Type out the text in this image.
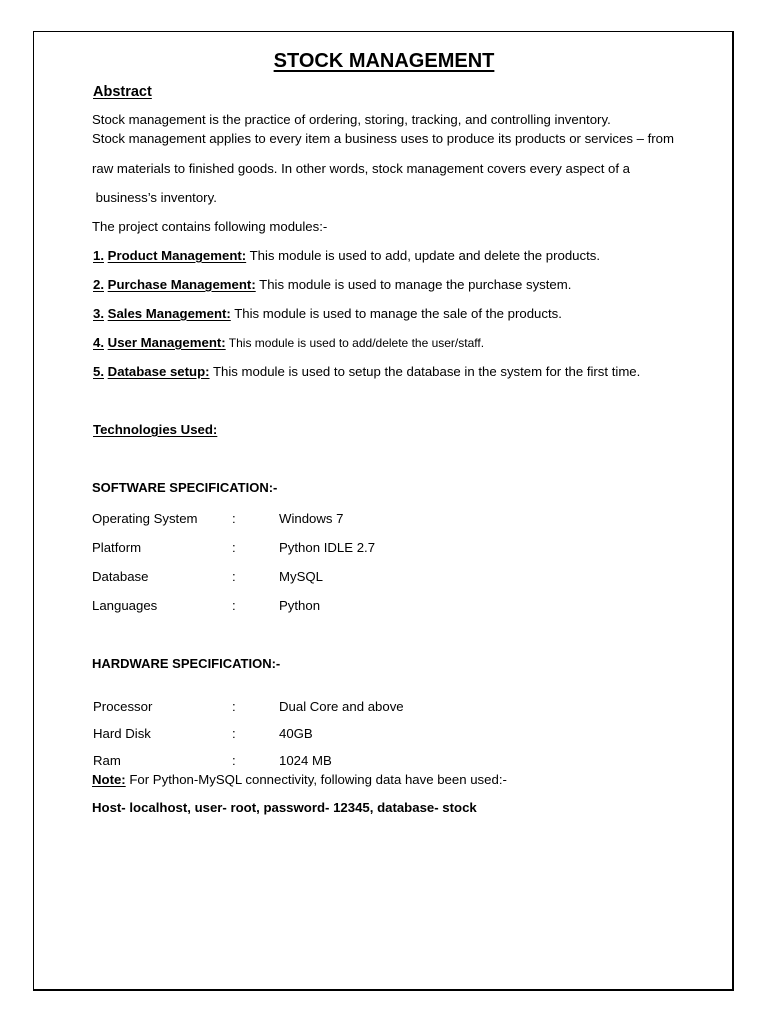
STOCK MANAGEMENT
Abstract
Stock management is the practice of ordering, storing, tracking, and controlling inventory.
Stock management applies to every item a business uses to produce its products or services – from
raw materials to finished goods. In other words, stock management covers every aspect of a
business’s inventory.
The project contains following modules:-
1. Product Management: This module is used to add, update and delete the products.
2. Purchase Management: This module is used to manage the purchase system.
3. Sales Management: This module is used to manage the sale of the products.
4. User Management: This module is used to add/delete the user/staff.
5. Database setup: This module is used to setup the database in the system for the first time.
Technologies Used:
SOFTWARE SPECIFICATION:-
Operating System	:	Windows 7
Platform	:	Python IDLE 2.7
Database	:	MySQL
Languages	:	Python
HARDWARE SPECIFICATION:-
Processor	:	Dual Core and above
Hard Disk	:	40GB
Ram	:	1024 MB
Note: For Python-MySQL connectivity, following data have been used:-
Host- localhost, user- root, password- 12345, database- stock
